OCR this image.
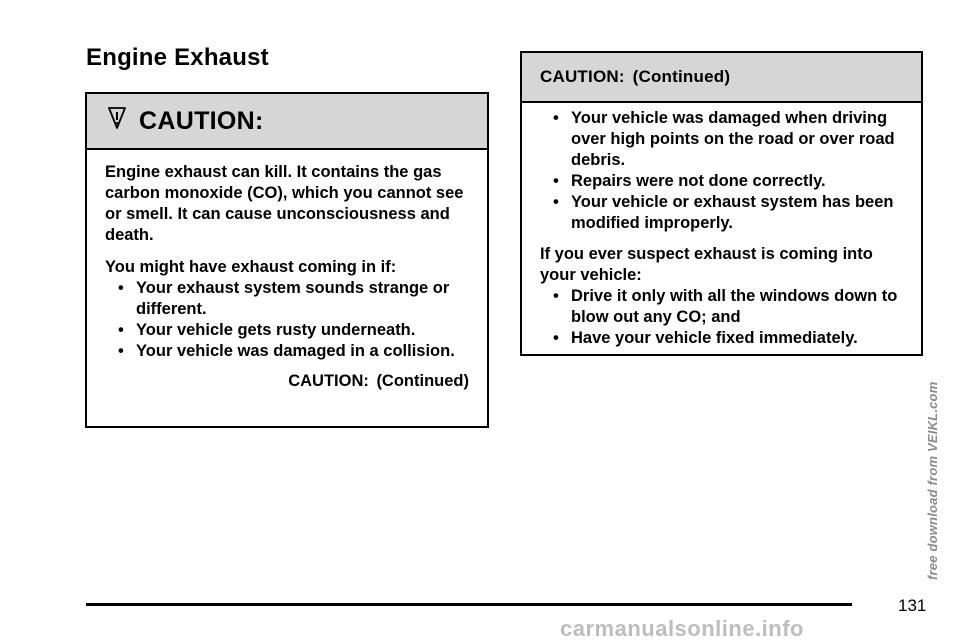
Engine Exhaust
CAUTION:

Engine exhaust can kill. It contains the gas carbon monoxide (CO), which you cannot see or smell. It can cause unconsciousness and death.

You might have exhaust coming in if:

• Your exhaust system sounds strange or different.
• Your vehicle gets rusty underneath.
• Your vehicle was damaged in a collision.

CAUTION: (Continued)

CAUTION: (Continued)
• Your vehicle was damaged when driving over high points on the road or over road debris.
• Repairs were not done correctly.
• Your vehicle or exhaust system has been modified improperly.

If you ever suspect exhaust is coming into your vehicle:

• Drive it only with all the windows down to blow out any CO; and
• Have your vehicle fixed immediately.
131
free download from VEIKL.com
carmanualsonline.info
